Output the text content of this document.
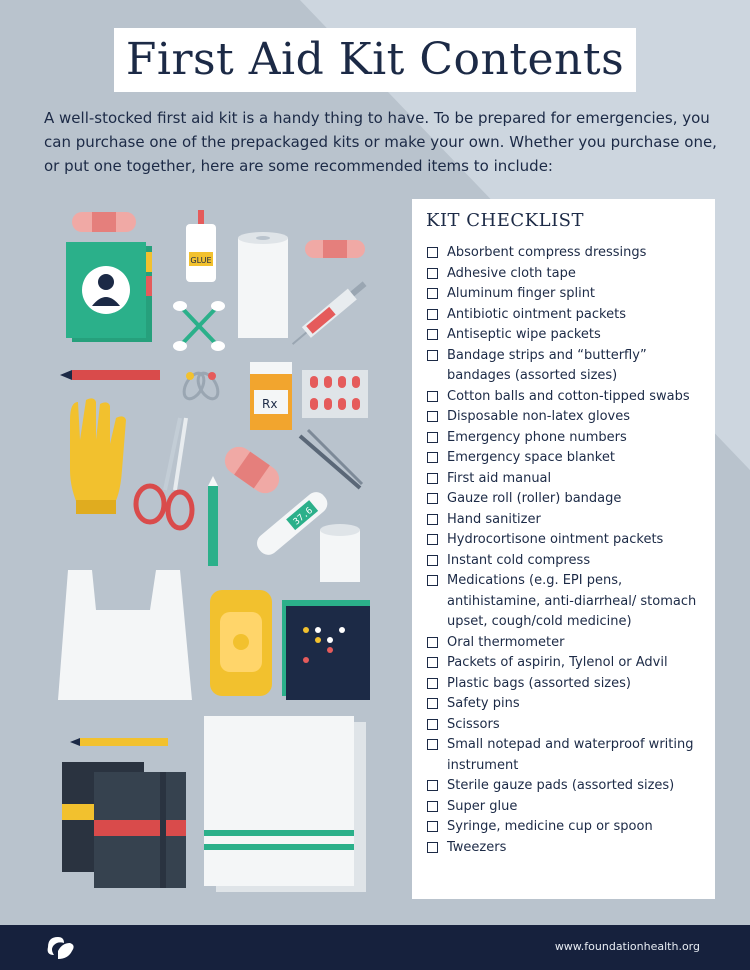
First Aid Kit Contents

A well-stocked first aid kit is a handy thing to have. To be prepared for emergencies, you can purchase one of the prepackaged kits or make your own. Whether you purchase one, or put one together, here are some recommended items to include:

GLUE
Rx
37.6
KIT CHECKLIST
Absorbent compress dressings
Adhesive cloth tape
Aluminum finger splint
Antibiotic ointment packets
Antiseptic wipe packets
Bandage strips and “butterfly” bandages (assorted sizes)
Cotton balls and cotton-tipped swabs
Disposable non-latex gloves
Emergency phone numbers
Emergency space blanket
First aid manual
Gauze roll (roller) bandage
Hand sanitizer
Hydrocortisone ointment packets
Instant cold compress
Medications (e.g. EPI pens, antihistamine, anti-diarrheal/ stomach upset, cough/cold medicine)
Oral thermometer
Packets of aspirin, Tylenol or Advil
Plastic bags (assorted sizes)
Safety pins
Scissors
Small notepad and waterproof writing instrument
Sterile gauze pads (assorted sizes)
Super glue
Syringe, medicine cup or spoon
Tweezers
www.foundationhealth.org
